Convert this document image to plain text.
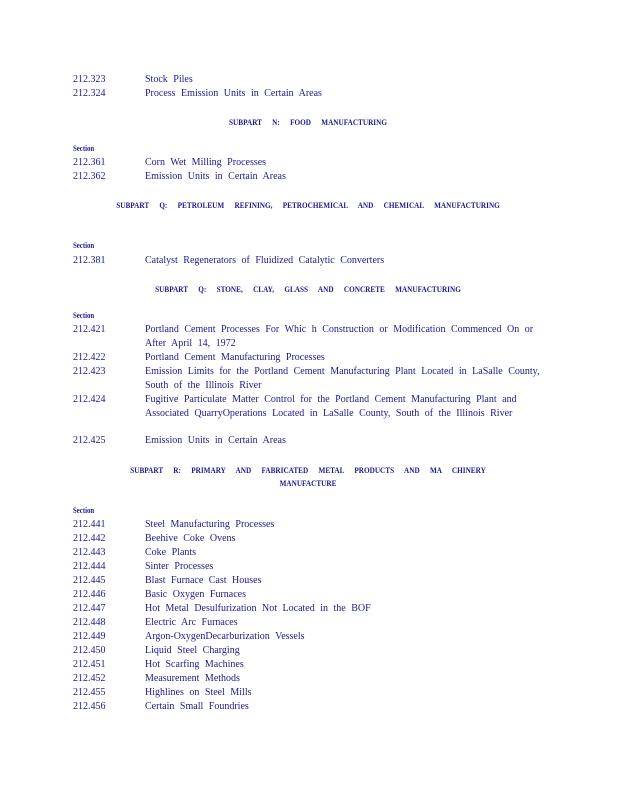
212.323	Stock Piles
212.324	Process Emission Units in Certain Areas
SUBPART N: FOOD MANUFACTURING
Section
212.361	Corn Wet Milling Processes
212.362	Emission Units in Certain Areas
SUBPART Q: PETROLEUM REFINING, PETROCHEMICAL AND CHEMICAL MANUFACTURING
Section
212.381	Catalyst Regenerators of Fluidized Catalytic Converters
SUBPART Q: STONE, CLAY, GLASS AND CONCRETE MANUFACTURING
Section
212.421	Portland Cement Processes For Whic h Construction or Modification Commenced On or After April 14, 1972
212.422	Portland Cement Manufacturing Processes
212.423	Emission Limits for the Portland Cement Manufacturing Plant Located in LaSalle County, South of the Illinois River
212.424	Fugitive Particulate Matter Control for the Portland Cement Manufacturing Plant and Associated QuarryOperations Located in LaSalle County, South of the Illinois River
212.425	Emission Units in Certain Areas
SUBPART R: PRIMARY AND FABRICATED METAL PRODUCTS AND MA CHINERY MANUFACTURE
Section
212.441	Steel Manufacturing Processes
212.442	Beehive Coke Ovens
212.443	Coke Plants
212.444	Sinter Processes
212.445	Blast Furnace Cast Houses
212.446	Basic Oxygen Furnaces
212.447	Hot Metal Desulfurization Not Located in the BOF
212.448	Electric Arc Furnaces
212.449	Argon-OxygenDecarburization Vessels
212.450	Liquid Steel Charging
212.451	Hot Scarfing Machines
212.452	Measurement Methods
212.455	Highlines on Steel Mills
212.456	Certain Small Foundries
